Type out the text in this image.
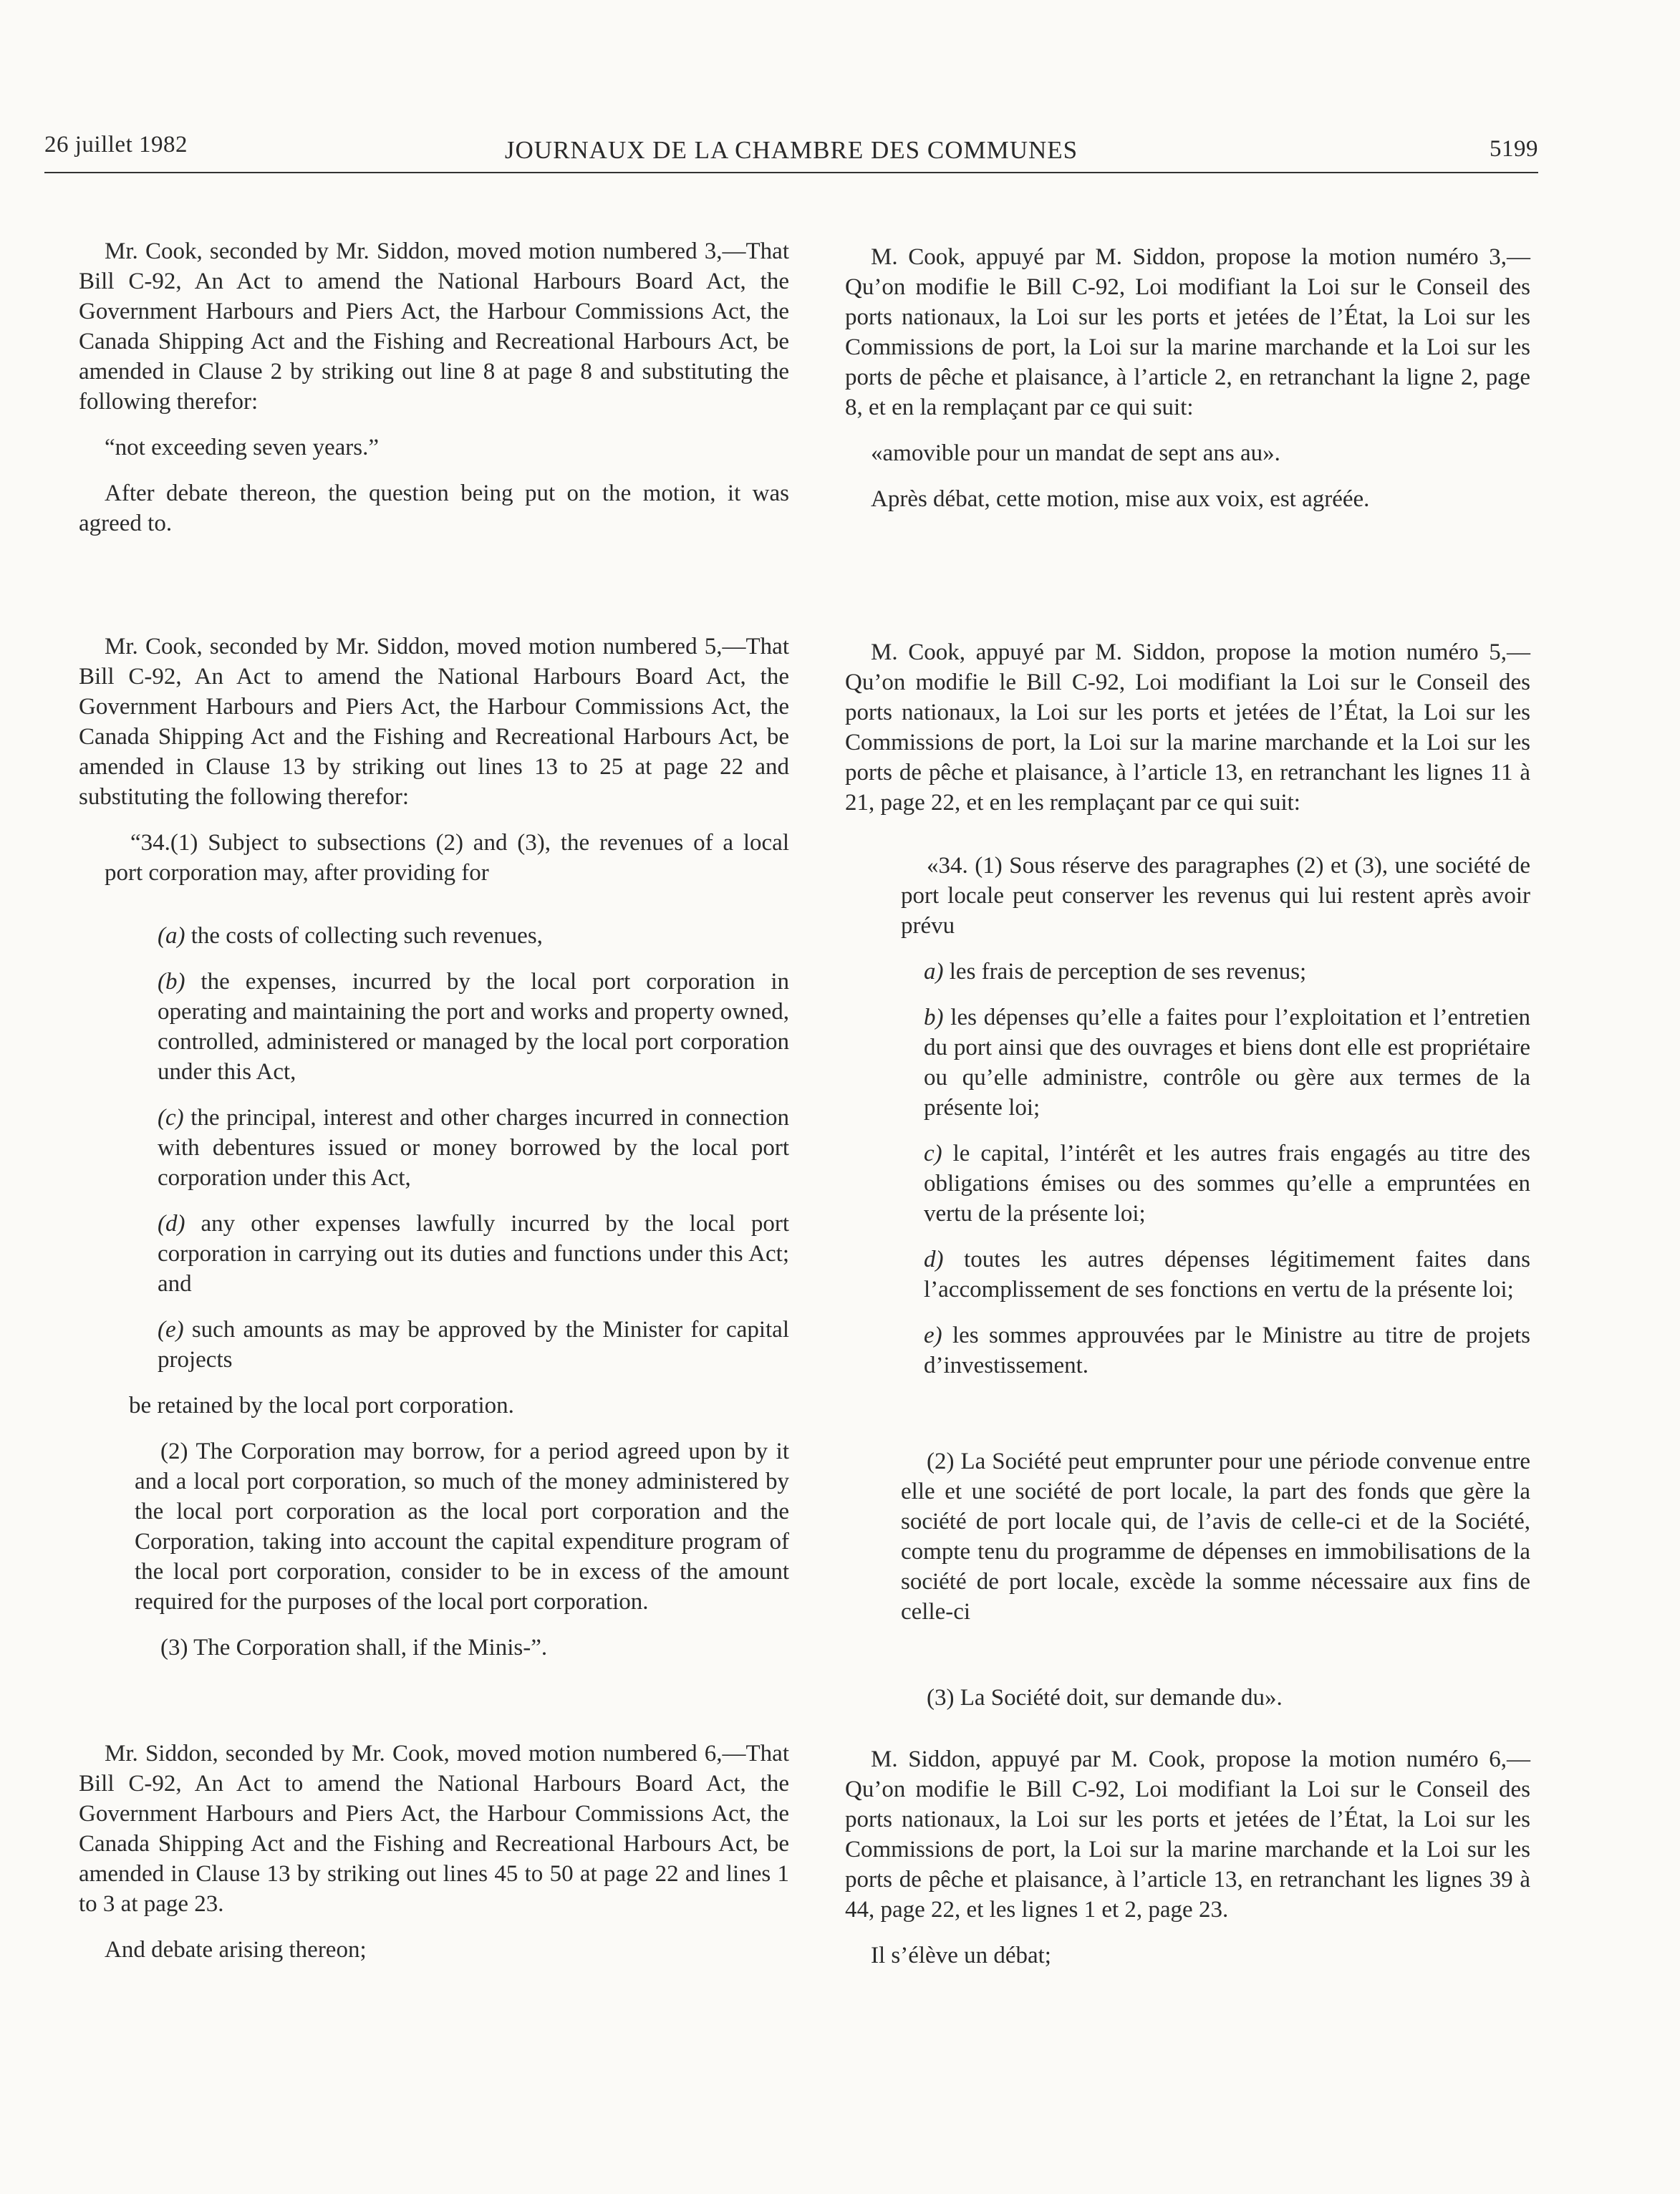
26 juillet 1982	JOURNAUX DE LA CHAMBRE DES COMMUNES	5199

Mr. Cook, seconded by Mr. Siddon, moved motion numbered 3,—That Bill C-92, An Act to amend the National Harbours Board Act, the Government Harbours and Piers Act, the Harbour Commissions Act, the Canada Shipping Act and the Fishing and Recreational Harbours Act, be amended in Clause 2 by striking out line 8 at page 8 and substituting the following therefor:

“not exceeding seven years.”

After debate thereon, the question being put on the motion, it was agreed to.

M. Cook, appuyé par M. Siddon, propose la motion numéro 3,—Qu’on modifie le Bill C-92, Loi modifiant la Loi sur le Conseil des ports nationaux, la Loi sur les ports et jetées de l’État, la Loi sur les Commissions de port, la Loi sur la marine marchande et la Loi sur les ports de pêche et plaisance, à l’article 2, en retranchant la ligne 2, page 8, et en la remplaçant par ce qui suit:

«amovible pour un mandat de sept ans au».

Après débat, cette motion, mise aux voix, est agréée.

Mr. Cook, seconded by Mr. Siddon, moved motion numbered 5,—That Bill C-92, An Act to amend the National Harbours Board Act, the Government Harbours and Piers Act, the Harbour Commissions Act, the Canada Shipping Act and the Fishing and Recreational Harbours Act, be amended in Clause 13 by striking out lines 13 to 25 at page 22 and substituting the following therefor:

“34.(1) Subject to subsections (2) and (3), the revenues of a local port corporation may, after providing for

(a) the costs of collecting such revenues,

(b) the expenses, incurred by the local port corporation in operating and maintaining the port and works and property owned, controlled, administered or managed by the local port corporation under this Act,

(c) the principal, interest and other charges incurred in connection with debentures issued or money borrowed by the local port corporation under this Act,

(d) any other expenses lawfully incurred by the local port corporation in carrying out its duties and functions under this Act; and

(e) such amounts as may be approved by the Minister for capital projects

be retained by the local port corporation.

(2) The Corporation may borrow, for a period agreed upon by it and a local port corporation, so much of the money administered by the local port corporation as the local port corporation and the Corporation, taking into account the capital expenditure program of the local port corporation, consider to be in excess of the amount required for the purposes of the local port corporation.

(3) The Corporation shall, if the Minis-”.

M. Cook, appuyé par M. Siddon, propose la motion numéro 5,—Qu’on modifie le Bill C-92, Loi modifiant la Loi sur le Conseil des ports nationaux, la Loi sur les ports et jetées de l’État, la Loi sur les Commissions de port, la Loi sur la marine marchande et la Loi sur les ports de pêche et plaisance, à l’article 13, en retranchant les lignes 11 à 21, page 22, et en les remplaçant par ce qui suit:

«34. (1) Sous réserve des paragraphes (2) et (3), une société de port locale peut conserver les revenus qui lui restent après avoir prévu

a) les frais de perception de ses revenus;

b) les dépenses qu’elle a faites pour l’exploitation et l’entretien du port ainsi que des ouvrages et biens dont elle est propriétaire ou qu’elle administre, contrôle ou gère aux termes de la présente loi;

c) le capital, l’intérêt et les autres frais engagés au titre des obligations émises ou des sommes qu’elle a empruntées en vertu de la présente loi;

d) toutes les autres dépenses légitimement faites dans l’accomplissement de ses fonctions en vertu de la présente loi;

e) les sommes approuvées par le Ministre au titre de projets d’investissement.

(2) La Société peut emprunter pour une période convenue entre elle et une société de port locale, la part des fonds que gère la société de port locale qui, de l’avis de celle-ci et de la Société, compte tenu du programme de dépenses en immobilisations de la société de port locale, excède la somme nécessaire aux fins de celle-ci

(3) La Société doit, sur demande du».

Mr. Siddon, seconded by Mr. Cook, moved motion numbered 6,—That Bill C-92, An Act to amend the National Harbours Board Act, the Government Harbours and Piers Act, the Harbour Commissions Act, the Canada Shipping Act and the Fishing and Recreational Harbours Act, be amended in Clause 13 by striking out lines 45 to 50 at page 22 and lines 1 to 3 at page 23.

And debate arising thereon;

M. Siddon, appuyé par M. Cook, propose la motion numéro 6,—Qu’on modifie le Bill C-92, Loi modifiant la Loi sur le Conseil des ports nationaux, la Loi sur les ports et jetées de l’État, la Loi sur les Commissions de port, la Loi sur la marine marchande et la Loi sur les ports de pêche et plaisance, à l’article 13, en retranchant les lignes 39 à 44, page 22, et les lignes 1 et 2, page 23.

Il s’élève un débat;
